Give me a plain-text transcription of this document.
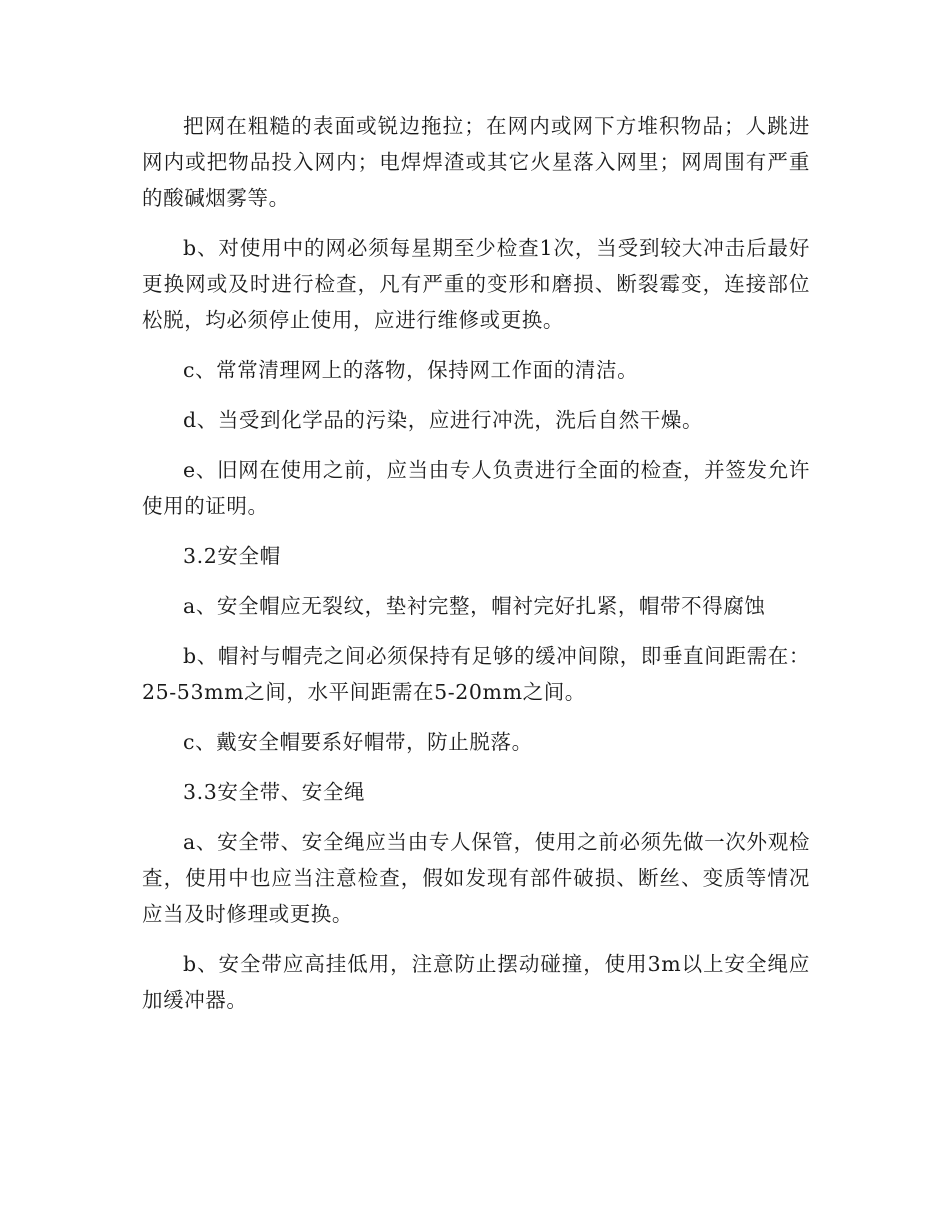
把网在粗糙的表面或锐边拖拉；在网内或网下方堆积物品；人跳进网内或把物品投入网内；电焊焊渣或其它火星落入网里；网周围有严重的酸碱烟雾等。

b、对使用中的网必须每星期至少检查1次，当受到较大冲击后最好更换网或及时进行检查，凡有严重的变形和磨损、断裂霉变，连接部位松脱，均必须停止使用，应进行维修或更换。

c、常常清理网上的落物，保持网工作面的清洁。

d、当受到化学品的污染，应进行冲洗，洗后自然干燥。

e、旧网在使用之前，应当由专人负责进行全面的检查，并签发允许使用的证明。

3.2安全帽

a、安全帽应无裂纹，垫衬完整，帽衬完好扎紧，帽带不得腐蚀

b、帽衬与帽壳之间必须保持有足够的缓冲间隙，即垂直间距需在：25-53mm之间，水平间距需在5-20mm之间。

c、戴安全帽要系好帽带，防止脱落。

3.3安全带、安全绳

a、安全带、安全绳应当由专人保管，使用之前必须先做一次外观检查，使用中也应当注意检查，假如发现有部件破损、断丝、变质等情况应当及时修理或更换。

b、安全带应高挂低用，注意防止摆动碰撞，使用3m以上安全绳应加缓冲器。
